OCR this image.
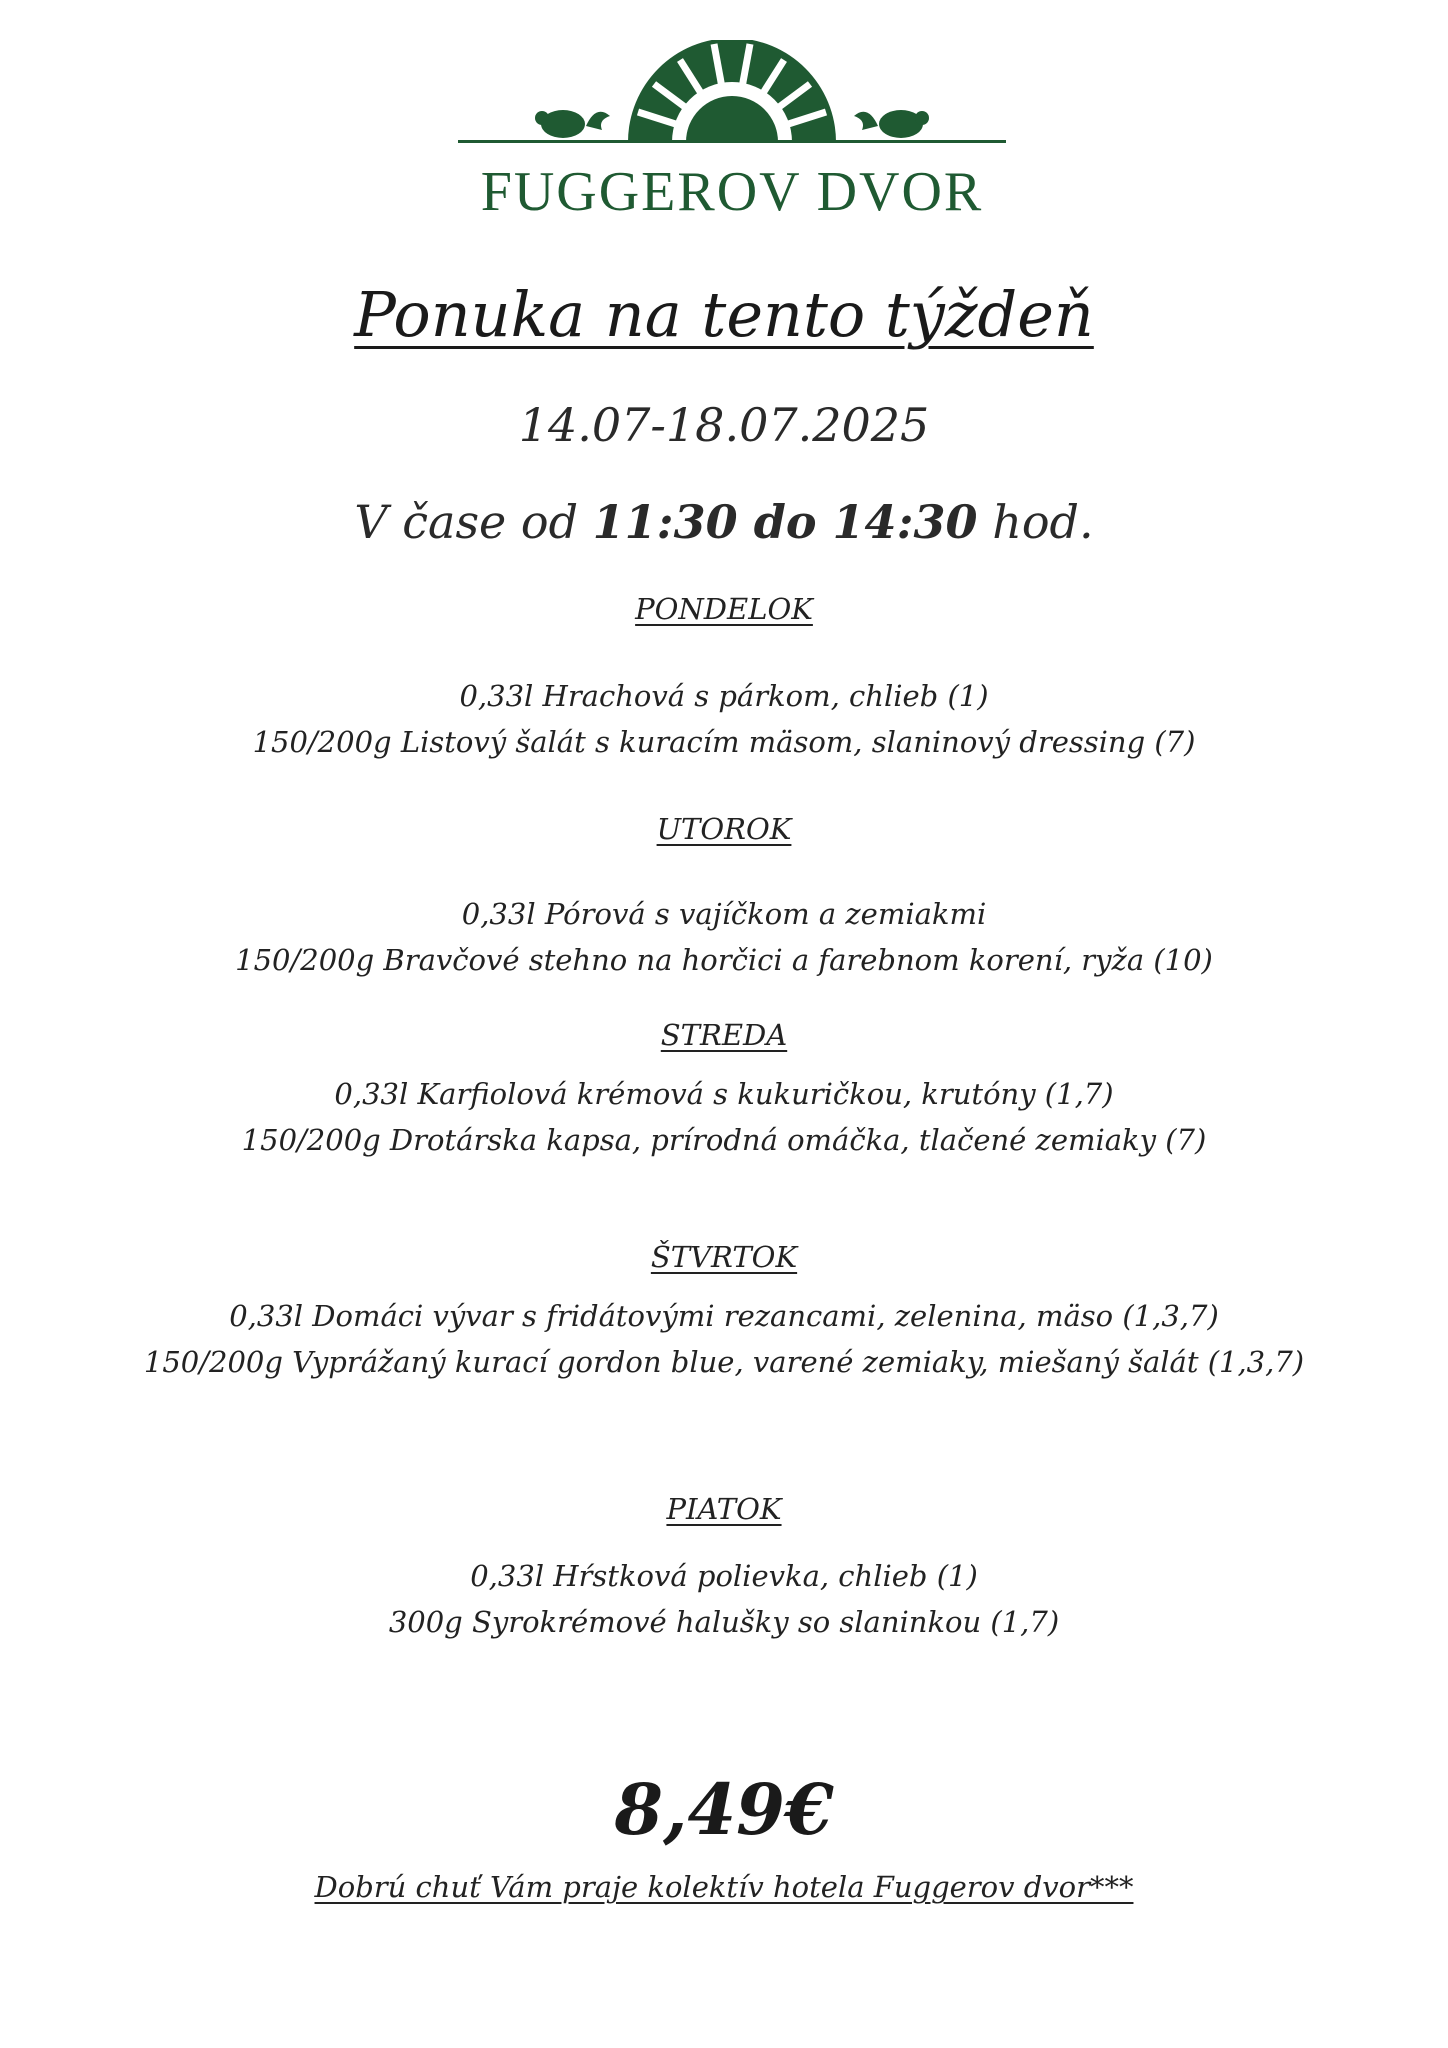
FUGGEROV DVOR
Ponuka na tento týždeň
14.07-18.07.2025
V čase od 11:30 do 14:30 hod.
PONDELOK
0,33l Hrachová s párkom, chlieb (1)
150/200g Listový šalát s kuracím mäsom, slaninový dressing (7)
UTOROK
0,33l Pórová s vajíčkom a zemiakmi
150/200g Bravčové stehno na horčici a farebnom korení, ryža (10)
STREDA
0,33l Karfiolová krémová s kukuričkou, krutóny (1,7)
150/200g Drotárska kapsa, prírodná omáčka, tlačené zemiaky (7)
ŠTVRTOK
0,33l Domáci vývar s fridátovými rezancami, zelenina, mäso (1,3,7)
150/200g Vyprážaný kurací gordon blue, varené zemiaky, miešaný šalát (1,3,7)
PIATOK
0,33l Hŕstková polievka, chlieb (1)
300g Syrokrémové halušky so slaninkou (1,7)
8,49€
Dobrú chuť Vám praje kolektív hotela Fuggerov dvor***
